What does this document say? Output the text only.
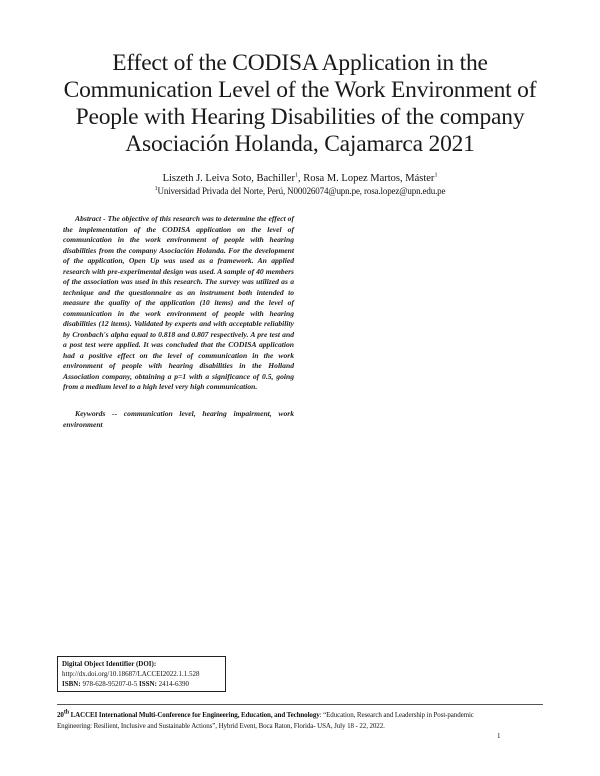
Effect of the CODISA Application in the
Communication Level of the Work Environment of
People with Hearing Disabilities of the company
Asociación Holanda, Cajamarca 2021
Liszeth J. Leiva Soto, Bachiller$^1$, Rosa M. Lopez Martos, Máster$^1$
$^1$Universidad Privada del Norte, Perú, N00026074@upn.pe, rosa.lopez@upn.edu.pe

Abstract - The objective of this research was to determine the effect of the implementation of the CODISA application on the level of communication in the work environment of people with hearing disabilities from the company Asociación Holanda. For the development of the application, Open Up was used as a framework. An applied research with pre-experimental design was used. A sample of 40 members of the association was used in this research. The survey was utilized as a technique and the questionnaire as an instrument both intended to measure the quality of the application (10 items) and the level of communication in the work environment of people with hearing disabilities (12 items). Validated by experts and with acceptable reliability by Cronbach's alpha equal to 0.818 and 0.807 respectively. A pre test and a post test were applied. It was concluded that the CODISA application had a positive effect on the level of communication in the work environment of people with hearing disabilities in the Holland Association company, obtaining a p=1 with a significance of 0.5, going from a medium level to a high level very high communication.

Keywords -- communication level, hearing impairment, work environment

Digital Object Identifier (DOI):
http://dx.doi.org/10.18687/LACCEI2022.1.1.528
ISBN: 978-628-95207-0-5 ISSN: 2414-6390
20th LACCEI International Multi-Conference for Engineering, Education, and Technology: “Education, Research and Leadership in Post-pandemic
Engineering: Resilient, Inclusive and Sustainable Actions”, Hybrid Event, Boca Raton, Florida- USA, July 18 - 22, 2022.
1
